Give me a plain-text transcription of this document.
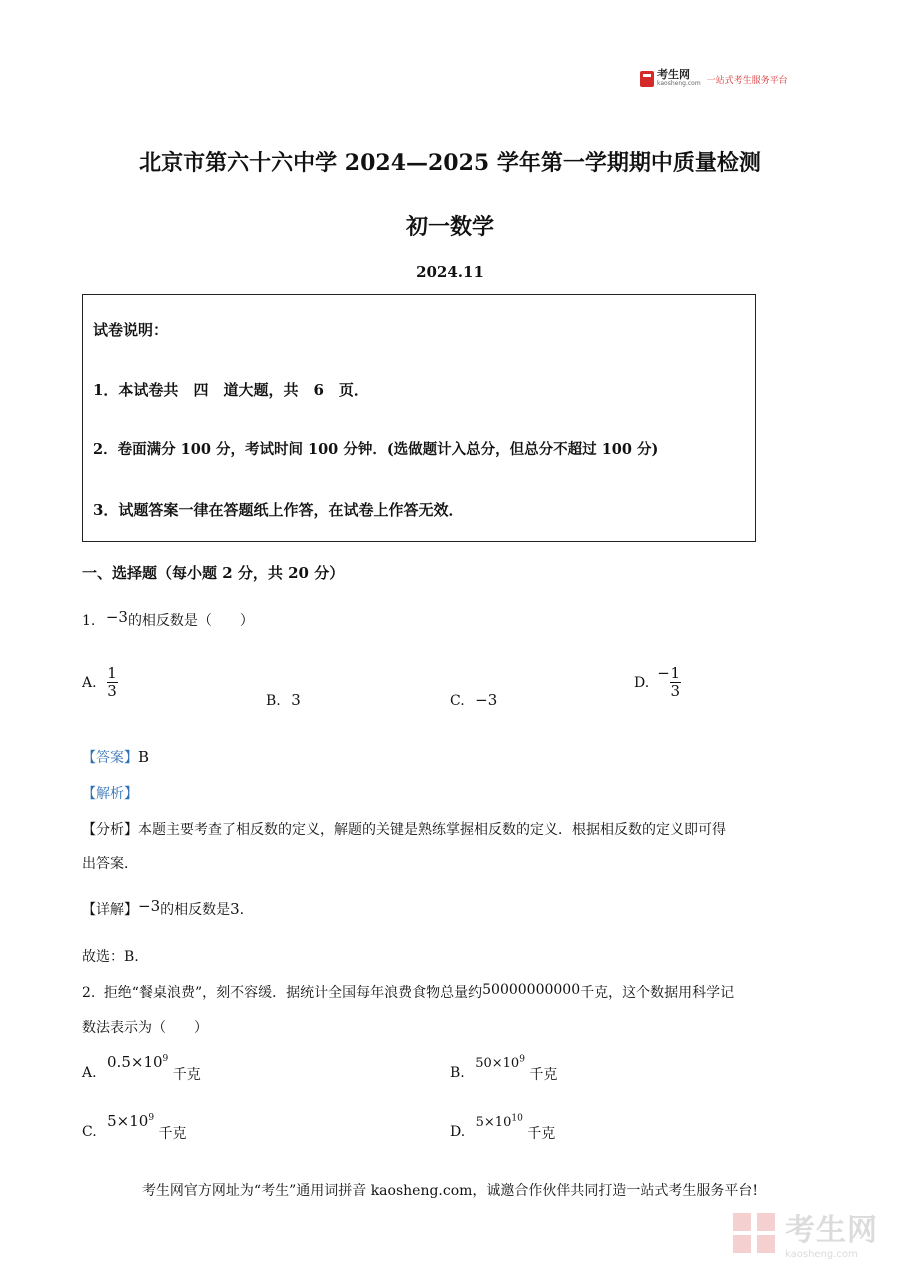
考生网
kaosheng.com 一站式考生服务平台
北京市第六十六中学 2024—2025 学年第一学期期中质量检测
初一数学
2024.11
试卷说明：
1．本试卷共　四　道大题，共　6　页．
2．卷面满分 100 分，考试时间 100 分钟．(选做题计入总分，但总分不超过 100 分)
3．试题答案一律在答题纸上作答，在试卷上作答无效．
一、选择题（每小题 2 分，共 20 分）
1. −3的相反数是（　　）
A. $\frac{1}{3}$
B. 3	C. −3
D.
− $\frac{1}{3}$
【答案】B
【解析】
【分析】本题主要考查了相反数的定义，解题的关键是熟练掌握相反数的定义．根据相反数的定义即可得
出答案．
【详解】−3的相反数是3.
故选：B.
2. 拒绝“餐桌浪费”，刻不容缓．据统计全国每年浪费食物总量约50000000000千克，这个数据用科学记
数法表示为（　　）
A. $0.5\times 10^9$ 千克	B. $50\times 10^9$ 千克
C. $5\times 10^9$ 千克	D. $5\times 10^{10}$ 千克
考生网官方网址为“考生”通用词拼音 kaosheng.com，诚邀合作伙伴共同打造一站式考生服务平台!
考生网
kaosheng.com
